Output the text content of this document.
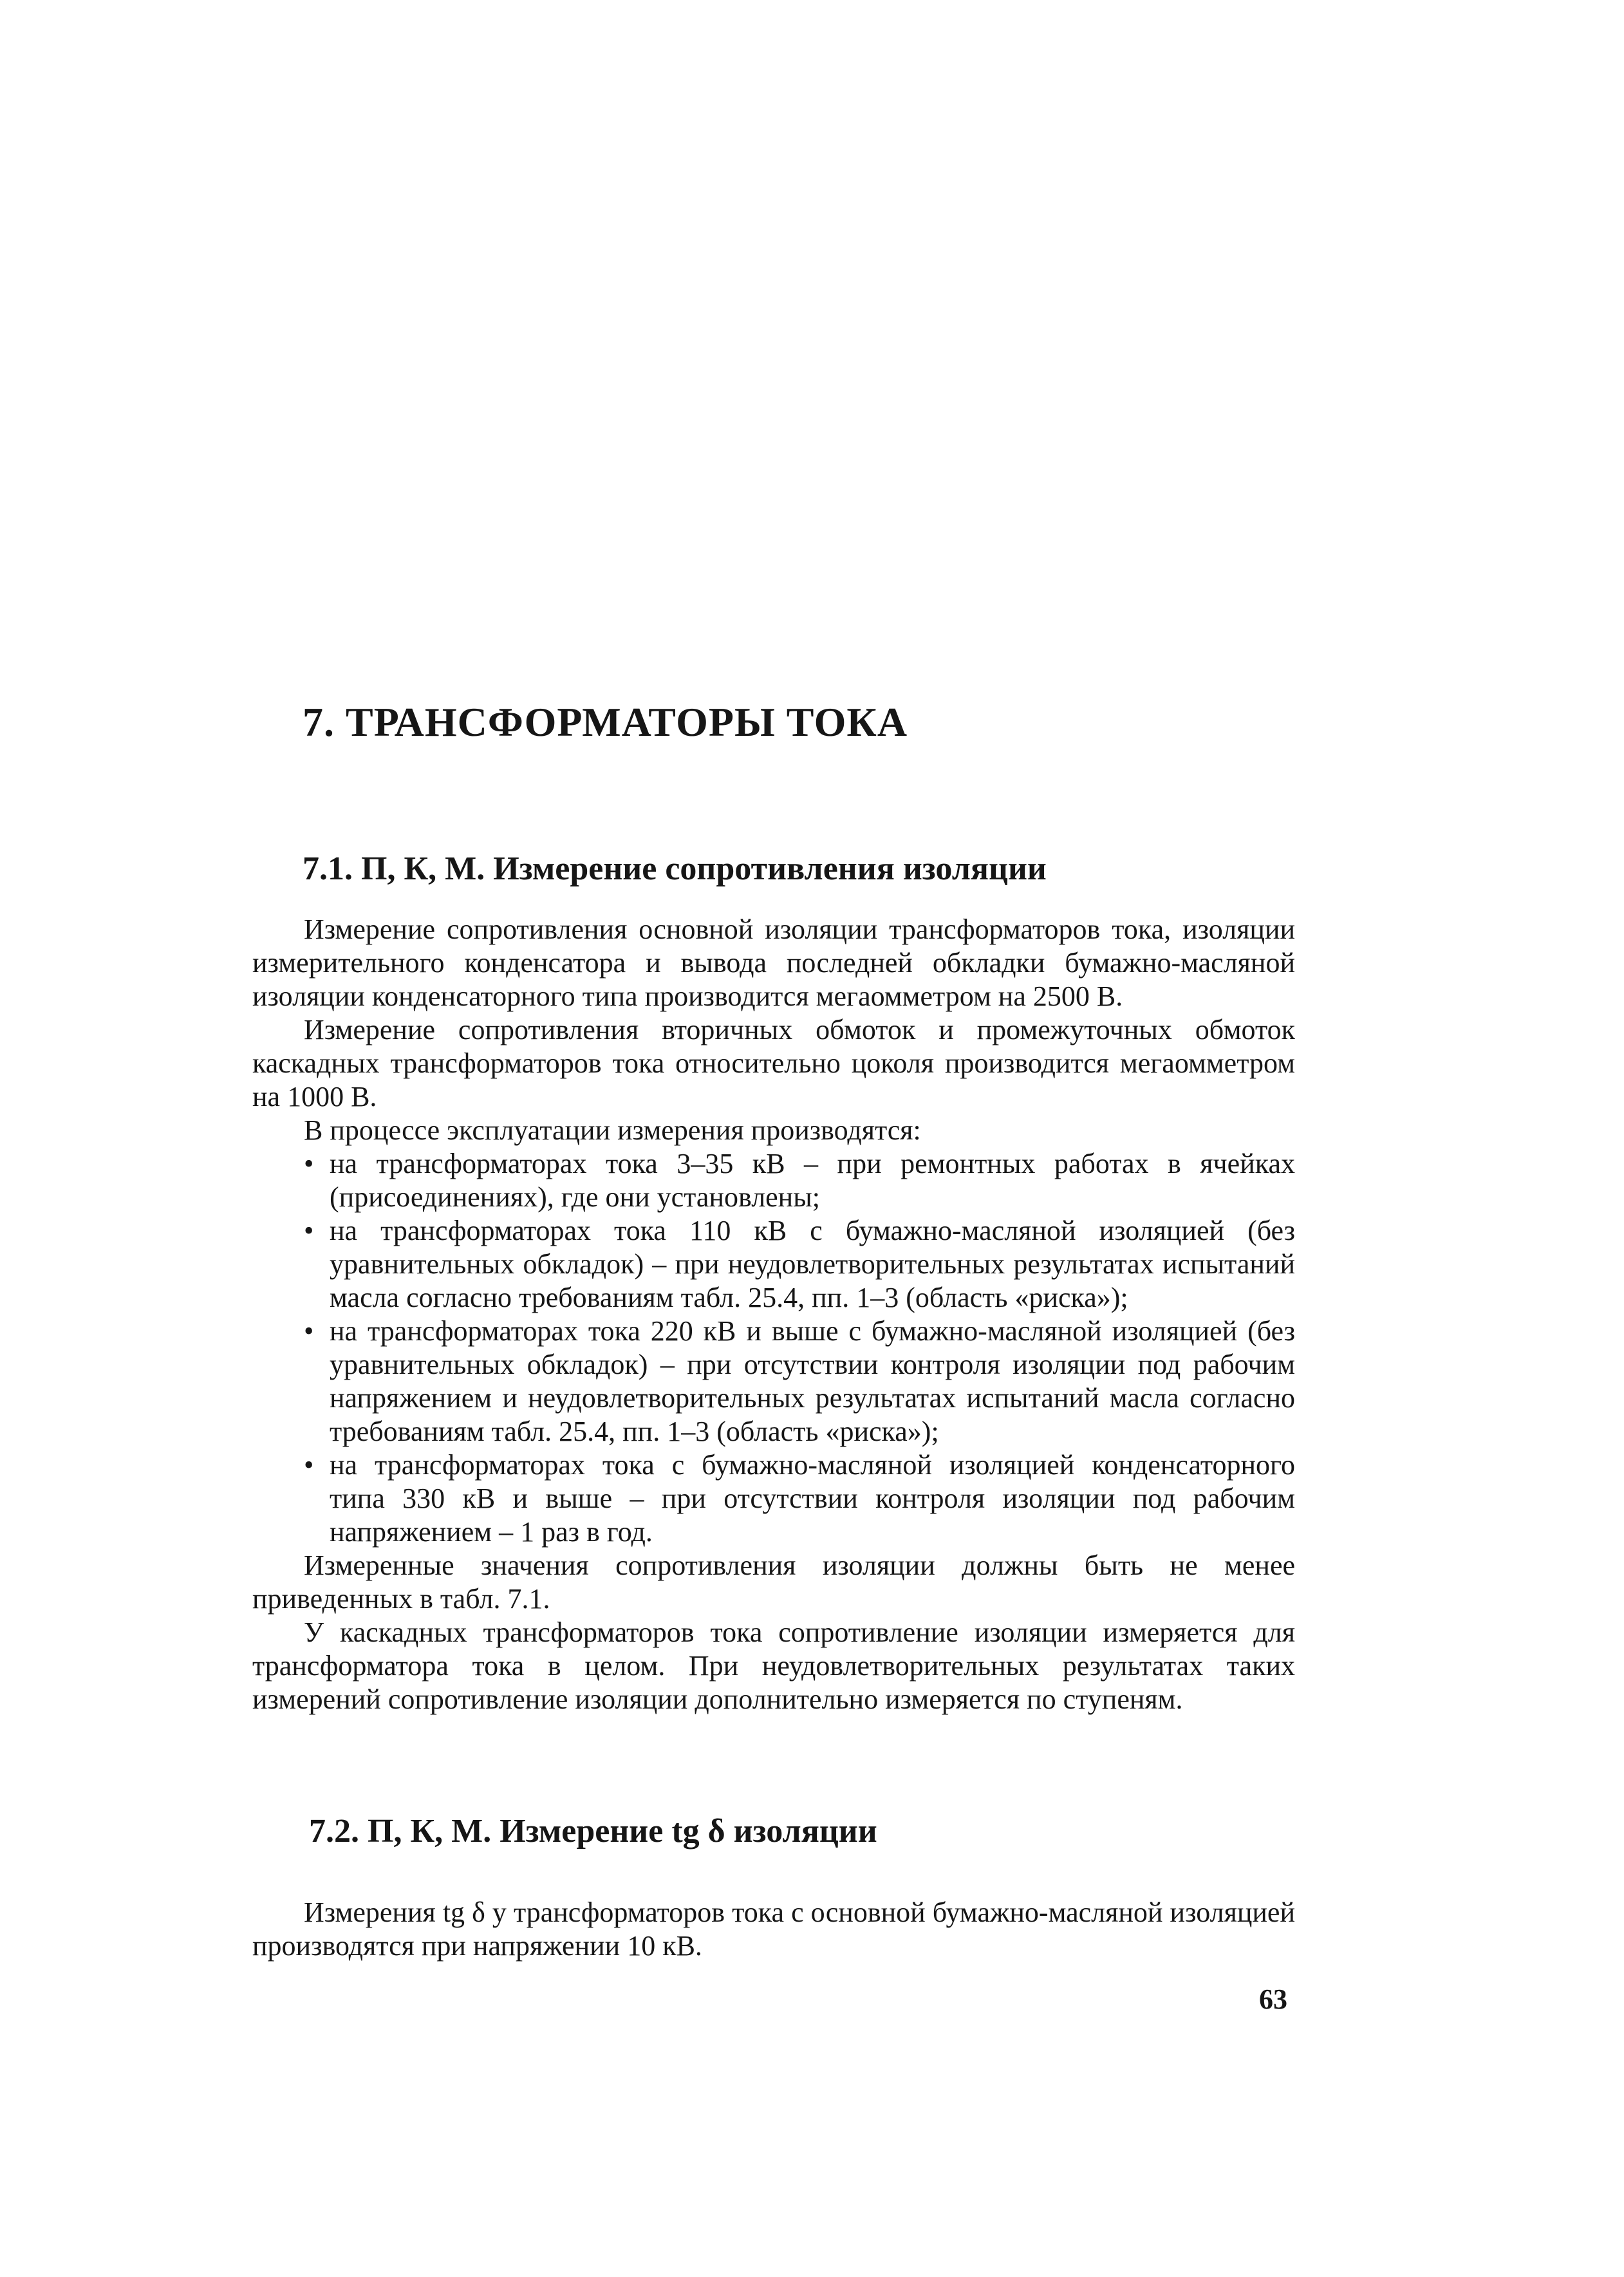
7. ТРАНСФОРМАТОРЫ ТОКА
7.1. П, К, М. Измерение сопротивления изоляции

Измерение сопротивления основной изоляции трансформаторов тока, изоляции измерительного конденсатора и вывода последней обкладки бумажно-масляной изоляции конденсаторного типа производится мегаомметром на 2500 В.

Измерение сопротивления вторичных обмоток и промежуточных обмоток каскадных трансформаторов тока относительно цоколя производится мегаомметром на 1000 В.

В процессе эксплуатации измерения производятся:

• на трансформаторах тока 3–35 кВ – при ремонтных работах в ячейках (присоединениях), где они установлены;
• на трансформаторах тока 110 кВ с бумажно-масляной изоляцией (без уравнительных обкладок) – при неудовлетворительных результатах испытаний масла согласно требованиям табл. 25.4, пп. 1–3 (область «риска»);
• на трансформаторах тока 220 кВ и выше с бумажно-масляной изоляцией (без уравнительных обкладок) – при отсутствии контроля изоляции под рабочим напряжением и неудовлетворительных результатах испытаний масла согласно требованиям табл. 25.4, пп. 1–3 (область «риска»);
• на трансформаторах тока с бумажно-масляной изоляцией конденсаторного типа 330 кВ и выше – при отсутствии контроля изоляции под рабочим напряжением – 1 раз в год.

Измеренные значения сопротивления изоляции должны быть не менее приведенных в табл. 7.1.

У каскадных трансформаторов тока сопротивление изоляции измеряется для трансформатора тока в целом. При неудовлетворительных результатах таких измерений сопротивление изоляции дополнительно измеряется по ступеням.

7.2. П, К, М. Измерение tg δ изоляции

Измерения tg δ у трансформаторов тока с основной бумажно-масляной изоляцией производятся при напряжении 10 кВ.

63
